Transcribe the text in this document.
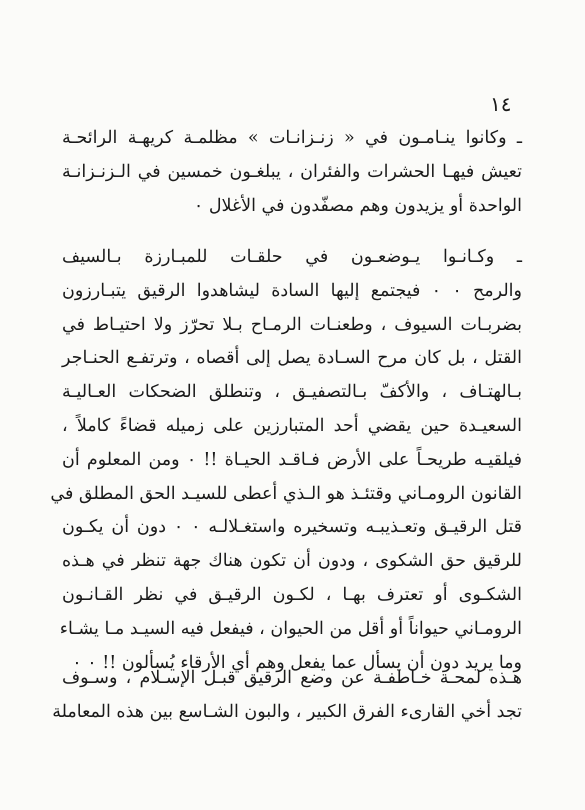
١٤
ـ وكانوا ينـامـون في « زنـزانـات » مظلمـة كريهـة الرائحـة
تعيش فيهـا الحشرات والفئران ، يبلغـون خمسين في الـزنـزانـة
الواحدة أو يزيدون وهم مصفّدون في الأغلال ٠
ـ وكـانـوا يـوضعـون في حلقـات للمبـارزة بـالسيف
والرمح ٠ ٠ فيجتمع إليها السادة ليشاهدوا الرقيق يتبـارزون
بضربـات السيوف ، وطعنـات الرمـاح بـلا تحرّز ولا احتيـاط في
القتل ، بل كان مرح السـادة يصل إلى أقصاه ، وترتفـع الحنـاجر
بـالهتـاف ، والأكفّ بـالتصفيـق ، وتنطلق الضحكات العـاليـة
السعيـدة حين يقضي أحد المتبارزين على زميله قضاءً كاملاً ،
فيلقيـه طريحـاً على الأرض فـاقـد الحيـاة !! ٠ ومن المعلوم أن
القانون الرومـاني وقتئـذ هو الـذي أعطى للسيـد الحق المطلق في
قتل الرقيـق وتعـذيبـه وتسخيره واستغـلالـه ٠ ٠ دون أن يكـون
للرقيق حق الشكوى ، ودون أن تكون هناك جهة تنظر في هـذه
الشكـوى أو تعترف بهـا ، لكـون الرقيـق في نظر القـانـون
الرومـاني حيواناً أو أقل من الحيوان ، فيفعل فيه السيـد مـا يشـاء
وما يريد دون أن يسأل عما يفعل وهم أي الأرقاء يُسألون !! ٠ ٠
هـذه لمحـة خـاطفـة عن وضع الرقيق قبـل الإسـلام ، وسـوف
تجد أخي القارىء الفرق الكبير ، والبون الشـاسع بين هذه المعاملة
